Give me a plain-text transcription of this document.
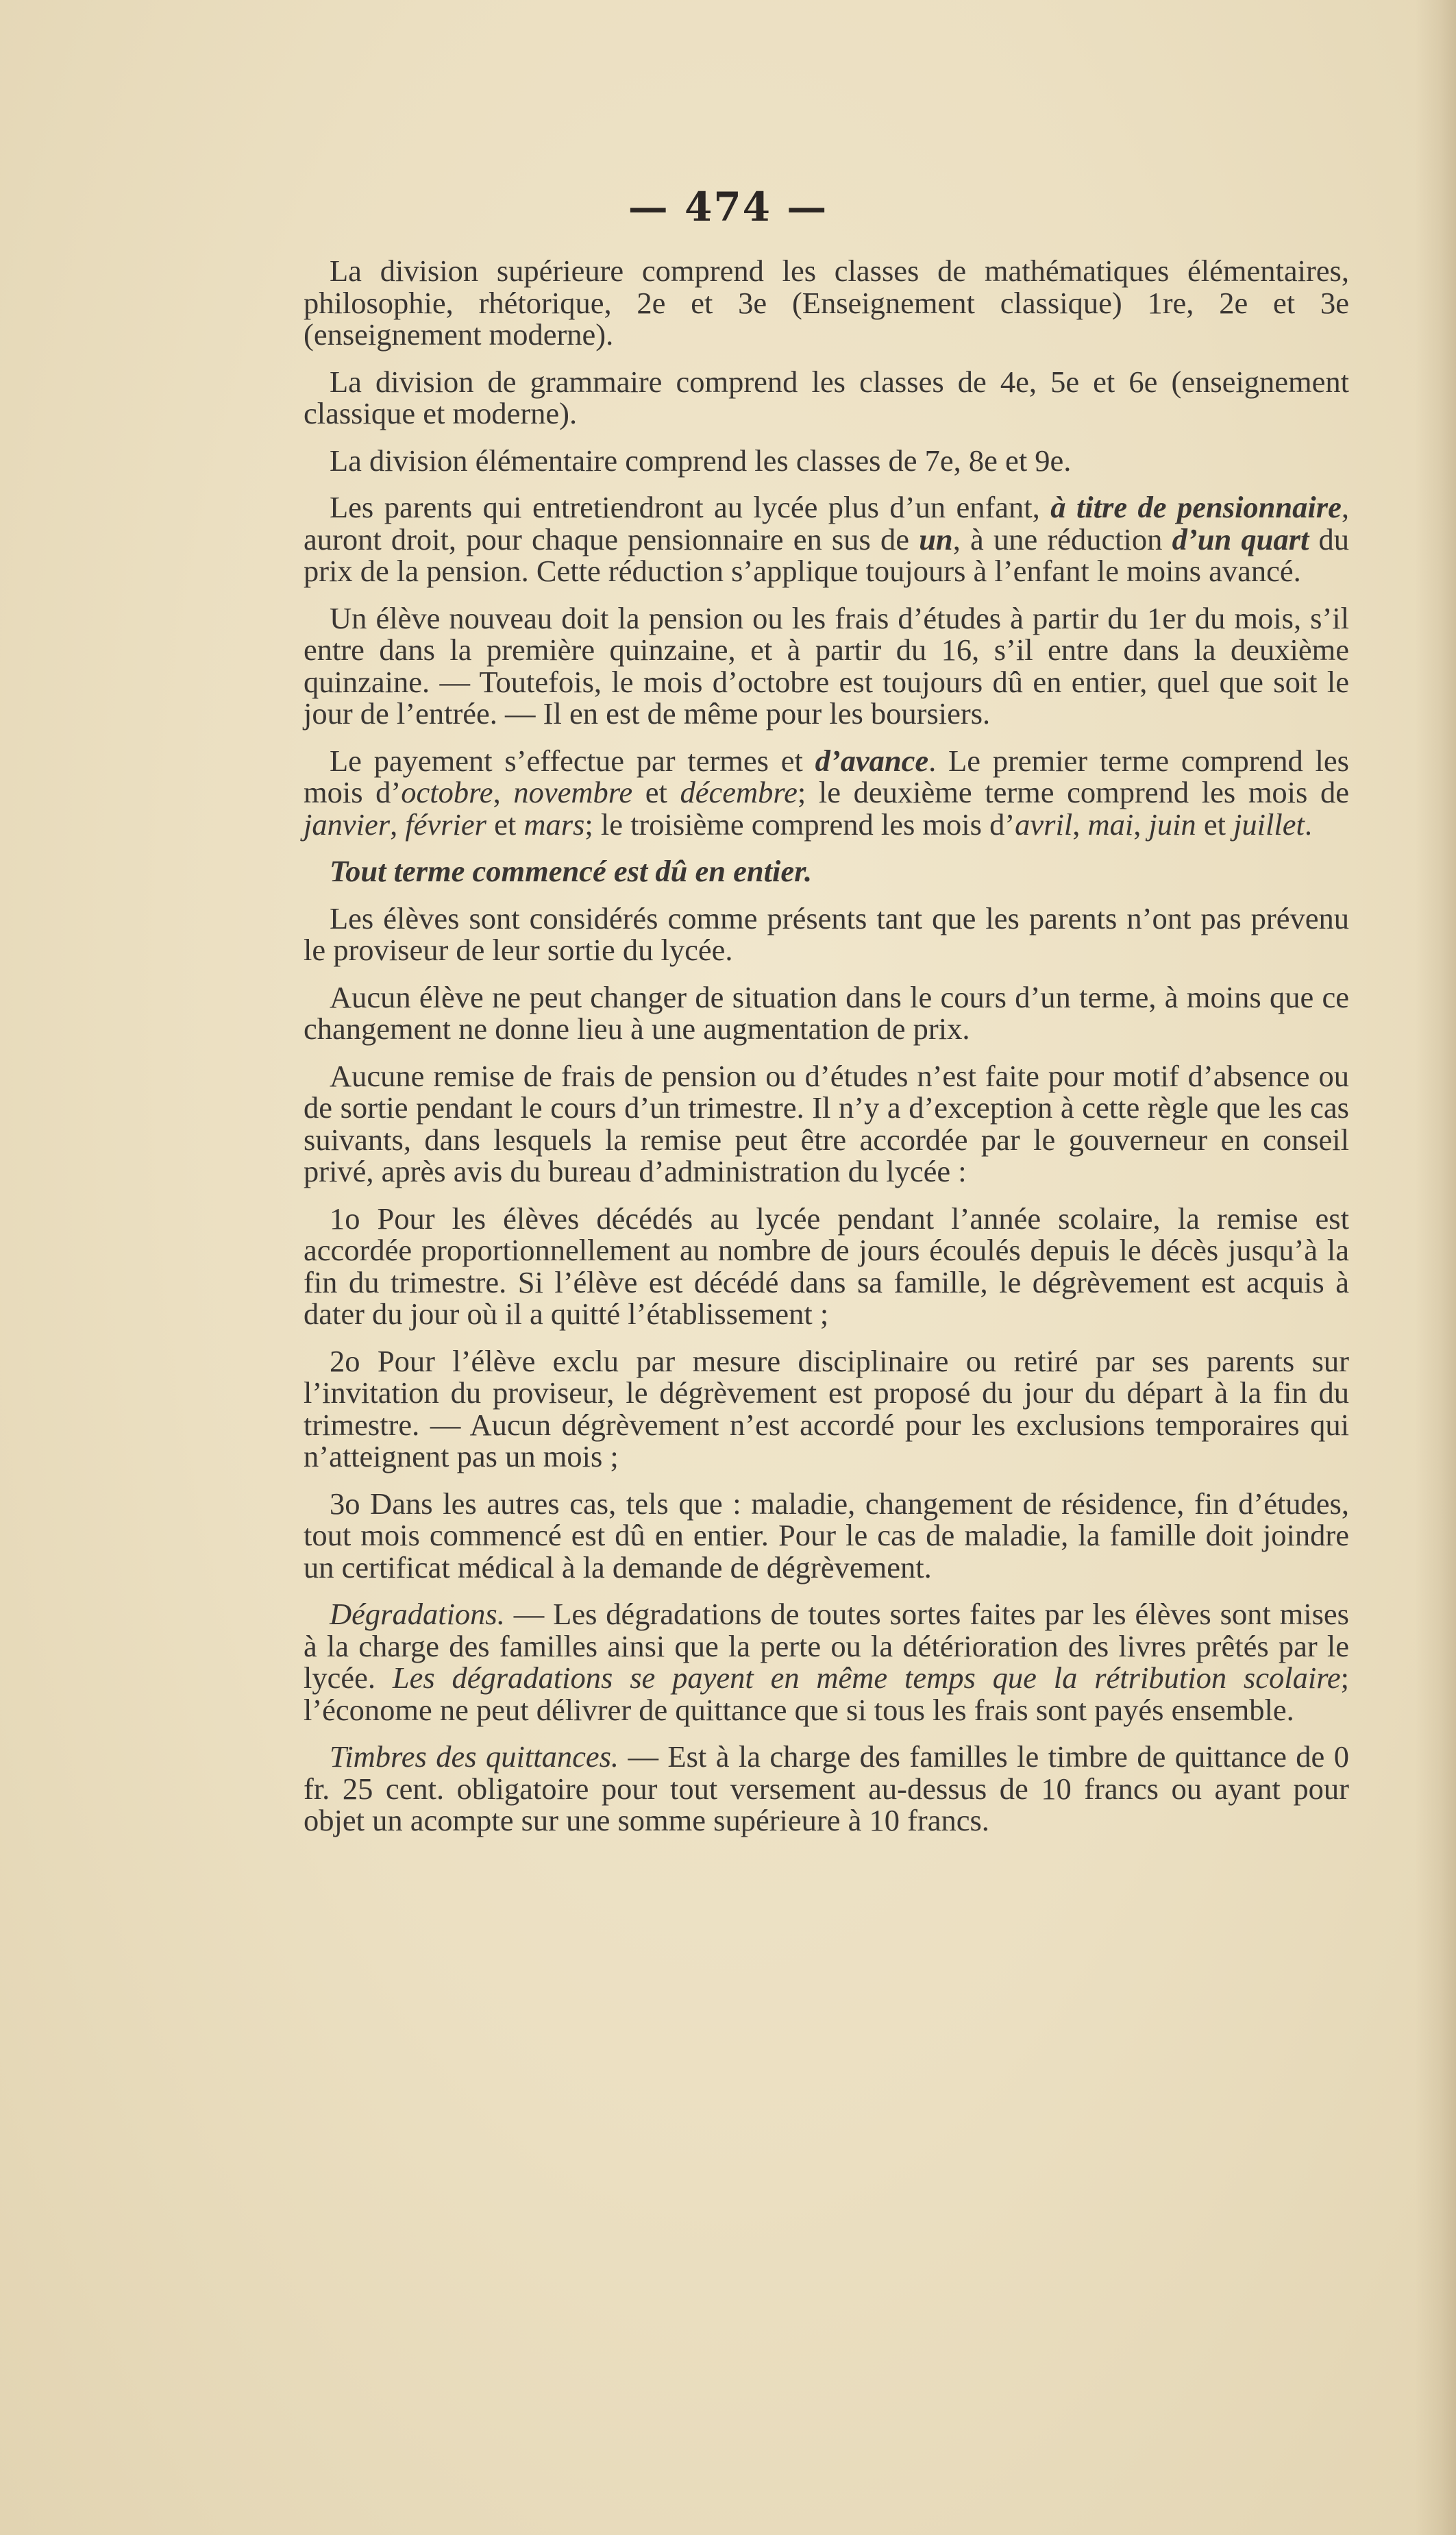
— 474 —

La division supérieure comprend les classes de mathématiques élémentaires, philosophie, rhétorique, 2e et 3e (Enseignement classique) 1re, 2e et 3e (enseignement moderne).

La division de grammaire comprend les classes de 4e, 5e et 6e (enseignement classique et moderne).

La division élémentaire comprend les classes de 7e, 8e et 9e.

Les parents qui entretiendront au lycée plus d’un enfant, à titre de pensionnaire, auront droit, pour chaque pensionnaire en sus de un, à une réduction d’un quart du prix de la pension. Cette réduction s’applique toujours à l’enfant le moins avancé.

Un élève nouveau doit la pension ou les frais d’études à partir du 1er du mois, s’il entre dans la première quinzaine, et à partir du 16, s’il entre dans la deuxième quinzaine. — Toutefois, le mois d’octobre est toujours dû en entier, quel que soit le jour de l’entrée. — Il en est de même pour les boursiers.

Le payement s’effectue par termes et d’avance. Le premier terme comprend les mois d’octobre, novembre et décembre; le deuxième terme comprend les mois de janvier, février et mars; le troisième comprend les mois d’avril, mai, juin et juillet.

Tout terme commencé est dû en entier.

Les élèves sont considérés comme présents tant que les parents n’ont pas prévenu le proviseur de leur sortie du lycée.

Aucun élève ne peut changer de situation dans le cours d’un terme, à moins que ce changement ne donne lieu à une augmentation de prix.

Aucune remise de frais de pension ou d’études n’est faite pour motif d’absence ou de sortie pendant le cours d’un trimestre. Il n’y a d’exception à cette règle que les cas suivants, dans lesquels la remise peut être accordée par le gouverneur en conseil privé, après avis du bureau d’administration du lycée :

1o Pour les élèves décédés au lycée pendant l’année scolaire, la remise est accordée proportionnellement au nombre de jours écoulés depuis le décès jusqu’à la fin du trimestre. Si l’élève est décédé dans sa famille, le dégrèvement est acquis à dater du jour où il a quitté l’établissement ;

2o Pour l’élève exclu par mesure disciplinaire ou retiré par ses parents sur l’invitation du proviseur, le dégrèvement est proposé du jour du départ à la fin du trimestre. — Aucun dégrèvement n’est accordé pour les exclusions temporaires qui n’atteignent pas un mois ;

3o Dans les autres cas, tels que : maladie, changement de résidence, fin d’études, tout mois commencé est dû en entier. Pour le cas de maladie, la famille doit joindre un certificat médical à la demande de dégrèvement.

Dégradations. — Les dégradations de toutes sortes faites par les élèves sont mises à la charge des familles ainsi que la perte ou la détérioration des livres prêtés par le lycée. Les dégradations se payent en même temps que la rétribution scolaire; l’économe ne peut délivrer de quittance que si tous les frais sont payés ensemble.

Timbres des quittances. — Est à la charge des familles le timbre de quittance de 0 fr. 25 cent. obligatoire pour tout versement au-dessus de 10 francs ou ayant pour objet un acompte sur une somme supérieure à 10 francs.
